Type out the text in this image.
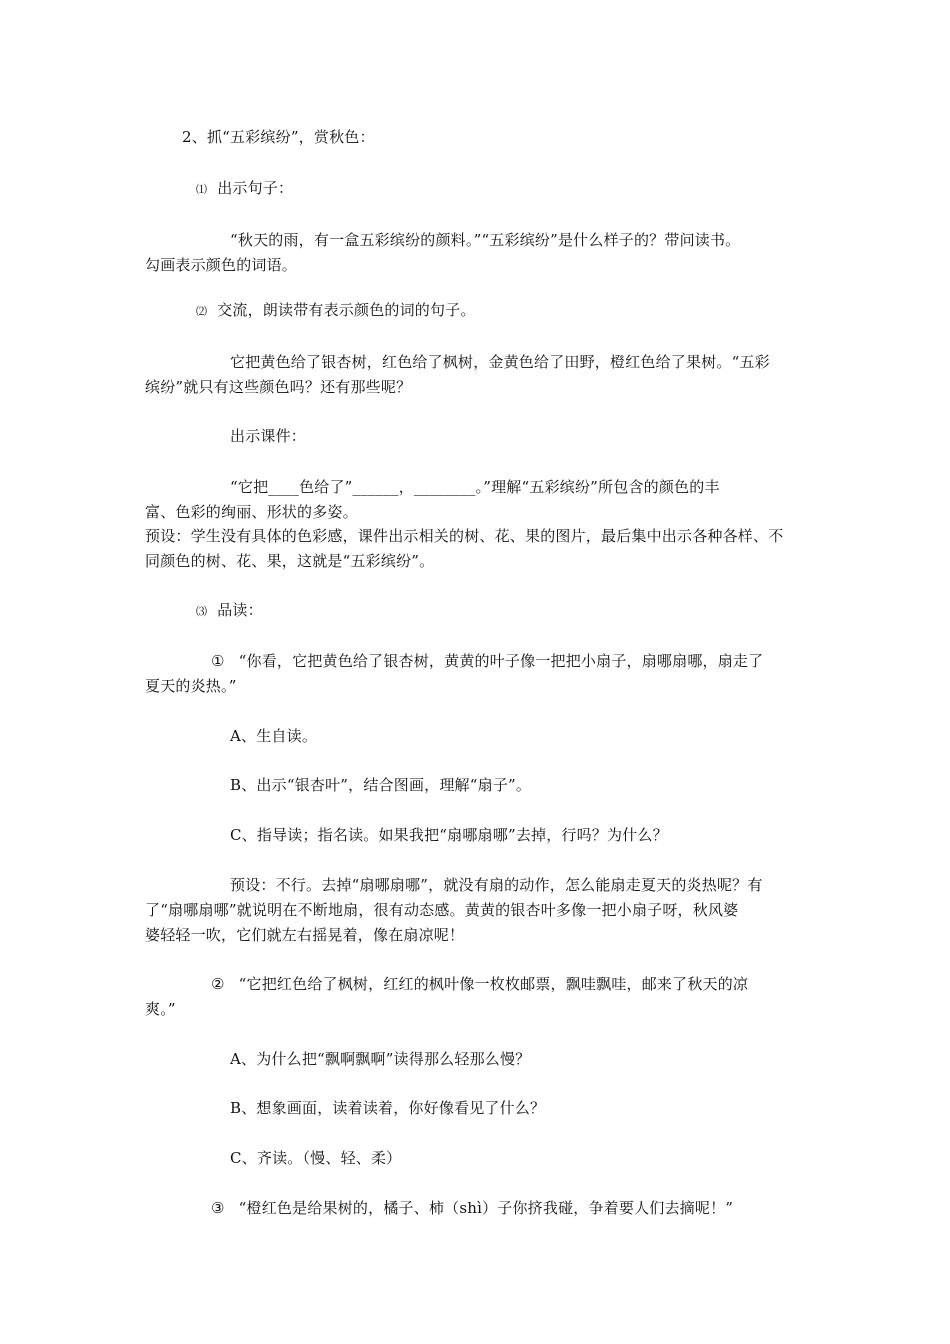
2、抓“五彩缤纷”，赏秋色：
⑴ 出示句子：
“秋天的雨，有一盒五彩缤纷的颜料。”“五彩缤纷”是什么样子的？带问读书。
勾画表示颜色的词语。
⑵ 交流，朗读带有表示颜色的词的句子。
它把黄色给了银杏树，红色给了枫树，金黄色给了田野，橙红色给了果树。“五彩
缤纷”就只有这些颜色吗？还有那些呢？
出示课件：
“它把____色给了”______，________。”理解“五彩缤纷”所包含的颜色的丰
富、色彩的绚丽、形状的多姿。
预设：学生没有具体的色彩感，课件出示相关的树、花、果的图片，最后集中出示各种各样、不
同颜色的树、花、果，这就是“五彩缤纷”。
⑶ 品读：
① “你看，它把黄色给了银杏树，黄黄的叶子像一把把小扇子，扇哪扇哪，扇走了
夏天的炎热。”
A、生自读。
B、出示“银杏叶”，结合图画，理解“扇子”。
C、指导读；指名读。如果我把“扇哪扇哪”去掉，行吗？为什么？
预设：不行。去掉“扇哪扇哪”，就没有扇的动作，怎么能扇走夏天的炎热呢？有
了“扇哪扇哪”就说明在不断地扇，很有动态感。黄黄的银杏叶多像一把小扇子呀，秋风婆
婆轻轻一吹，它们就左右摇晃着，像在扇凉呢！
② “它把红色给了枫树，红红的枫叶像一枚枚邮票，飘哇飘哇，邮来了秋天的凉
爽。”
A、为什么把“飘啊飘啊”读得那么轻那么慢？
B、想象画面，读着读着，你好像看见了什么？
C、齐读。（慢、轻、柔）
③ “橙红色是给果树的，橘子、柿（shì）子你挤我碰，争着要人们去摘呢！”
